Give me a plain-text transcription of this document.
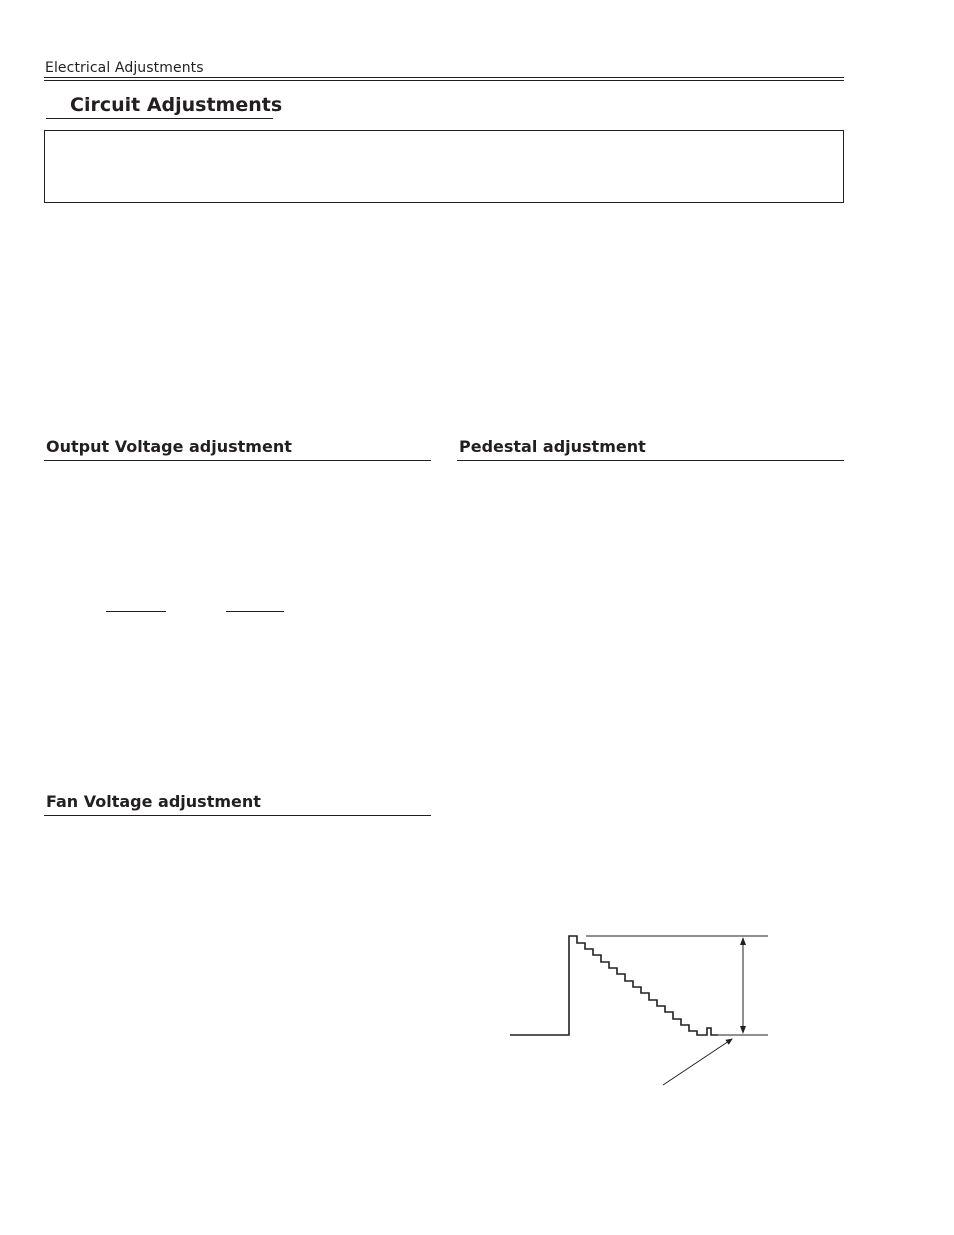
Electrical Adjustments
Circuit Adjustments
Output Voltage adjustment	Pedestal adjustment
Fan Voltage adjustment
